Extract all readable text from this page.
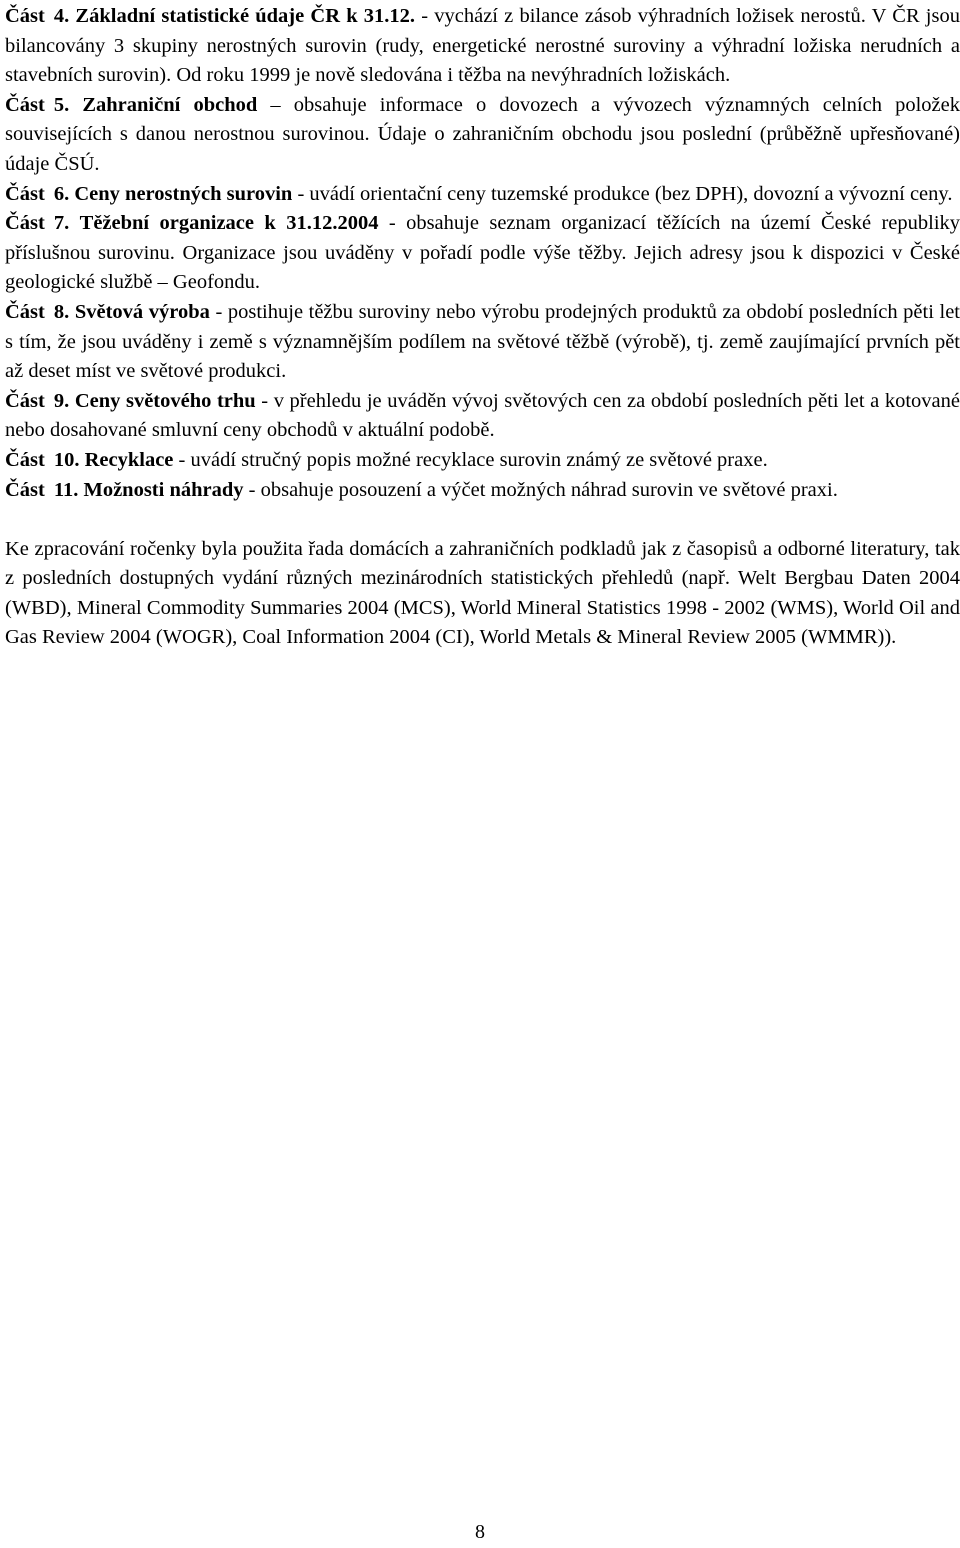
Část 4. Základní statistické údaje ČR k 31.12. - vychází z bilance zásob výhradních ložisek nerostů. V ČR jsou bilancovány 3 skupiny nerostných surovin (rudy, energetické nerostné suroviny a výhradní ložiska nerudních a stavebních surovin). Od roku 1999 je nově sledována i těžba na nevýhradních ložiskách.

Část 5. Zahraniční obchod – obsahuje informace o dovozech a vývozech významných celních položek souvisejících s danou nerostnou surovinou. Údaje o zahraničním obchodu jsou poslední (průběžně upřesňované) údaje ČSÚ.

Část 6. Ceny nerostných surovin - uvádí orientační ceny tuzemské produkce (bez DPH), dovozní a vývozní ceny.

Část 7. Těžební organizace k 31.12.2004 - obsahuje seznam organizací těžících na území České republiky příslušnou surovinu. Organizace jsou uváděny v pořadí podle výše těžby. Jejich adresy jsou k dispozici v České geologické službě – Geofondu.

Část 8. Světová výroba - postihuje těžbu suroviny nebo výrobu prodejných produktů za období posledních pěti let s tím, že jsou uváděny i země s významnějším podílem na světové těžbě (výrobě), tj. země zaujímající prvních pět až deset míst ve světové produkci.

Část 9. Ceny světového trhu - v přehledu je uváděn vývoj světových cen za období posledních pěti let a kotované nebo dosahované smluvní ceny obchodů v aktuální podobě.

Část 10. Recyklace - uvádí stručný popis možné recyklace surovin známý ze světové praxe.

Část 11. Možnosti náhrady - obsahuje posouzení a výčet možných náhrad surovin ve světové praxi.

Ke zpracování ročenky byla použita řada domácích a zahraničních podkladů jak z časopisů a odborné literatury, tak z posledních dostupných vydání různých mezinárodních statistických přehledů (např. Welt Bergbau Daten 2004 (WBD), Mineral Commodity Summaries 2004 (MCS), World Mineral Statistics 1998 - 2002 (WMS), World Oil and Gas Review 2004 (WOGR), Coal Information 2004 (CI), World Metals & Mineral Review 2005 (WMMR)).

8
